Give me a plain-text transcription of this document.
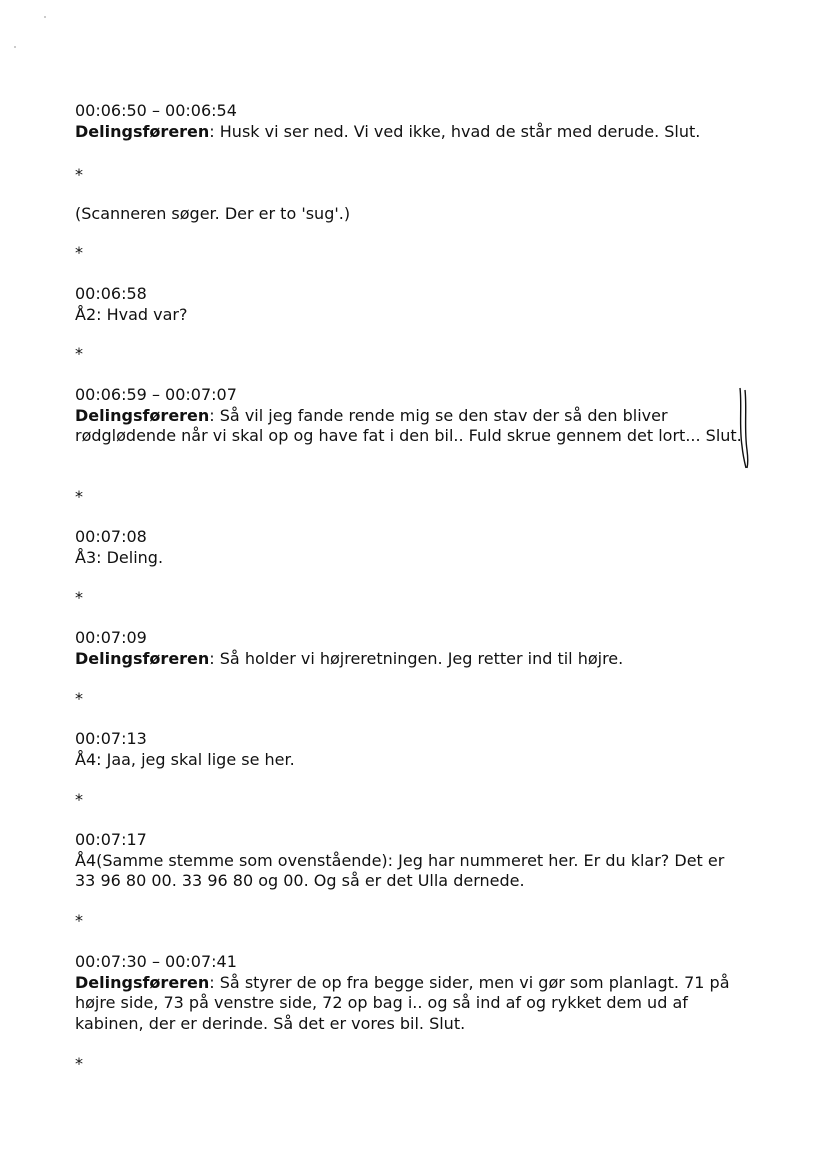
00:06:50 – 00:06:54
Delingsføreren: Husk vi ser ned. Vi ved ikke, hvad de står med derude. Slut.
*
(Scanneren søger. Der er to 'sug'.)
*
00:06:58
Å2: Hvad var?
*
00:06:59 – 00:07:07
Delingsføreren: Så vil jeg fande rende mig se den stav der så den bliver rødglødende når vi skal op og have fat i den bil.. Fuld skrue gennem det lort... Slut.
*
00:07:08
Å3: Deling.
*
00:07:09
Delingsføreren: Så holder vi højreretningen. Jeg retter ind til højre.
*
00:07:13
Å4: Jaa, jeg skal lige se her.
*
00:07:17
Å4(Samme stemme som ovenstående): Jeg har nummeret her. Er du klar? Det er 33 96 80 00. 33 96 80 og 00. Og så er det Ulla dernede.
*
00:07:30 – 00:07:41
Delingsføreren: Så styrer de op fra begge sider, men vi gør som planlagt. 71 på højre side, 73 på venstre side, 72 op bag i.. og så ind af og rykket dem ud af kabinen, der er derinde. Så det er vores bil. Slut.
*
